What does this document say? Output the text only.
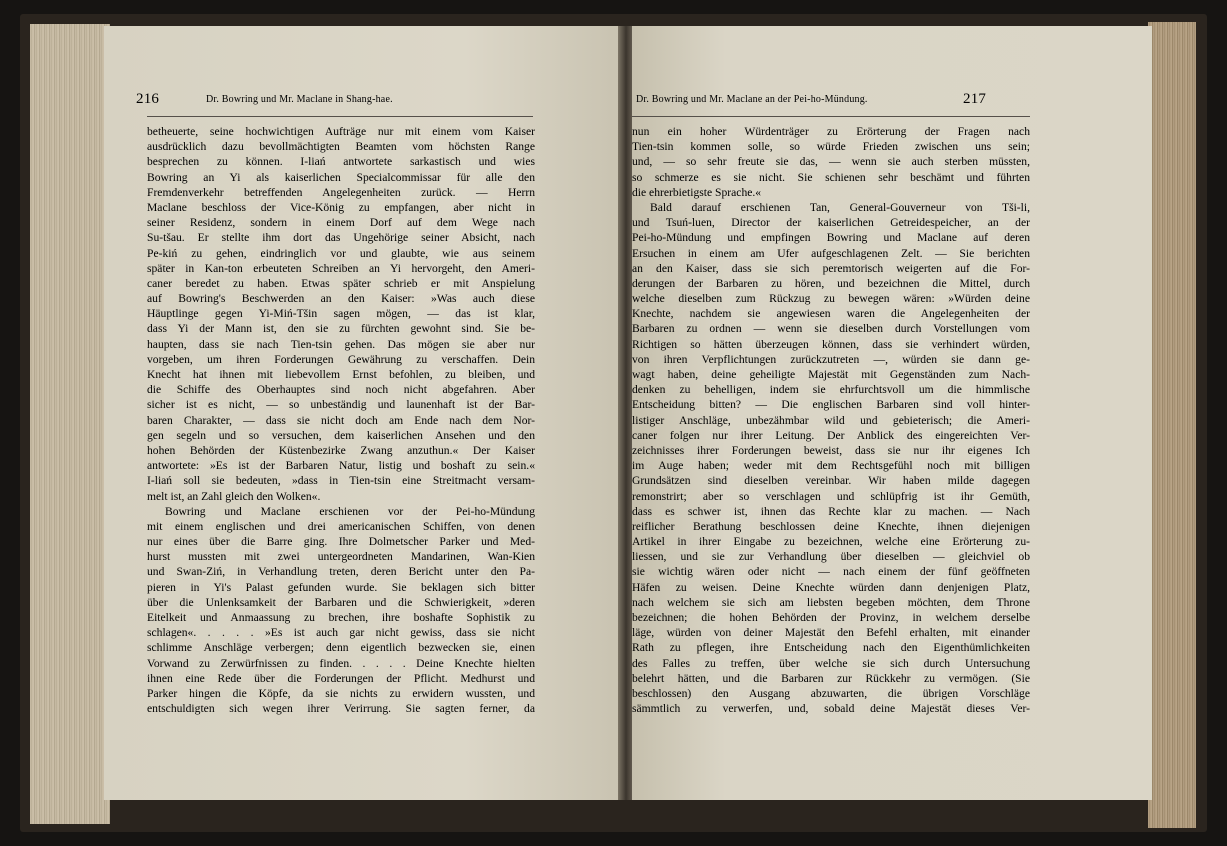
216	Dr. Bowring und Mr. Maclane in Shang-hae.
betheuerte, seine hochwichtigen Aufträge nur mit einem vom Kaiser
ausdrücklich dazu bevollmächtigten Beamten vom höchsten Range
besprechen zu können. I-liań antwortete sarkastisch und wies
Bowring an Yi als kaiserlichen Specialcommissar für alle den
Fremdenverkehr betreffenden Angelegenheiten zurück. — Herrn
Maclane beschloss der Vice-König zu empfangen, aber nicht in
seiner Residenz, sondern in einem Dorf auf dem Wege nach
Su-tšau. Er stellte ihm dort das Ungehörige seiner Absicht, nach
Pe-kiń zu gehen, eindringlich vor und glaubte, wie aus seinem
später in Kan-ton erbeuteten Schreiben an Yi hervorgeht, den Ameri-
caner beredet zu haben. Etwas später schrieb er mit Anspielung
auf Bowring's Beschwerden an den Kaiser: »Was auch diese
Häuptlinge gegen Yi-Miń-Tšin sagen mögen, — das ist klar,
dass Yi der Mann ist, den sie zu fürchten gewohnt sind. Sie be-
haupten, dass sie nach Tien-tsin gehen. Das mögen sie aber nur
vorgeben, um ihren Forderungen Gewährung zu verschaffen. Dein
Knecht hat ihnen mit liebevollem Ernst befohlen, zu bleiben, und
die Schiffe des Oberhauptes sind noch nicht abgefahren. Aber
sicher ist es nicht, — so unbeständig und launenhaft ist der Bar-
baren Charakter, — dass sie nicht doch am Ende nach dem Nor-
gen segeln und so versuchen, dem kaiserlichen Ansehen und den
hohen Behörden der Küstenbezirke Zwang anzuthun.« Der Kaiser
antwortete: »Es ist der Barbaren Natur, listig und boshaft zu sein.«
I-liań soll sie bedeuten, »dass in Tien-tsin eine Streitmacht versam-
melt ist, an Zahl gleich den Wolken«.
Bowring und Maclane erschienen vor der Pei-ho-Mündung
mit einem englischen und drei americanischen Schiffen, von denen
nur eines über die Barre ging. Ihre Dolmetscher Parker und Med-
hurst mussten mit zwei untergeordneten Mandarinen, Wan-Kien
und Swan-Ziń, in Verhandlung treten, deren Bericht unter den Pa-
pieren in Yi's Palast gefunden wurde. Sie beklagen sich bitter
über die Unlenksamkeit der Barbaren und die Schwierigkeit, »deren
Eitelkeit und Anmaassung zu brechen, ihre boshafte Sophistik zu
schlagen«. . . . . »Es ist auch gar nicht gewiss, dass sie nicht
schlimme Anschläge verbergen; denn eigentlich bezwecken sie, einen
Vorwand zu Zerwürfnissen zu finden. . . . . Deine Knechte hielten
ihnen eine Rede über die Forderungen der Pflicht. Medhurst und
Parker hingen die Köpfe, da sie nichts zu erwidern wussten, und
entschuldigten sich wegen ihrer Verirrung. Sie sagten ferner, da
Dr. Bowring und Mr. Maclane an der Pei-ho-Mündung.	217
nun ein hoher Würdenträger zu Erörterung der Fragen nach
Tien-tsin kommen solle, so würde Frieden zwischen uns sein;
und, — so sehr freute sie das, — wenn sie auch sterben müssten,
so schmerze es sie nicht. Sie schienen sehr beschämt und führten
die ehrerbietigste Sprache.«
Bald darauf erschienen Tan, General-Gouverneur von Tši-li,
und Tsuń-luen, Director der kaiserlichen Getreidespeicher, an der
Pei-ho-Mündung und empfingen Bowring und Maclane auf deren
Ersuchen in einem am Ufer aufgeschlagenen Zelt. — Sie berichten
an den Kaiser, dass sie sich peremtorisch weigerten auf die For-
derungen der Barbaren zu hören, und bezeichnen die Mittel, durch
welche dieselben zum Rückzug zu bewegen wären: »Würden deine
Knechte, nachdem sie angewiesen waren die Angelegenheiten der
Barbaren zu ordnen — wenn sie dieselben durch Vorstellungen vom
Richtigen so hätten überzeugen können, dass sie verhindert würden,
von ihren Verpflichtungen zurückzutreten —, würden sie dann ge-
wagt haben, deine geheiligte Majestät mit Gegenständen zum Nach-
denken zu behelligen, indem sie ehrfurchtsvoll um die himmlische
Entscheidung bitten? — Die englischen Barbaren sind voll hinter-
listiger Anschläge, unbezähmbar wild und gebieterisch; die Ameri-
caner folgen nur ihrer Leitung. Der Anblick des eingereichten Ver-
zeichnisses ihrer Forderungen beweist, dass sie nur ihr eigenes Ich
im Auge haben; weder mit dem Rechtsgefühl noch mit billigen
Grundsätzen sind dieselben vereinbar. Wir haben milde dagegen
remonstrirt; aber so verschlagen und schlüpfrig ist ihr Gemüth,
dass es schwer ist, ihnen das Rechte klar zu machen. — Nach
reiflicher Berathung beschlossen deine Knechte, ihnen diejenigen
Artikel in ihrer Eingabe zu bezeichnen, welche eine Erörterung zu-
liessen, und sie zur Verhandlung über dieselben — gleichviel ob
sie wichtig wären oder nicht — nach einem der fünf geöffneten
Häfen zu weisen. Deine Knechte würden dann denjenigen Platz,
nach welchem sie sich am liebsten begeben möchten, dem Throne
bezeichnen; die hohen Behörden der Provinz, in welchem derselbe
läge, würden von deiner Majestät den Befehl erhalten, mit einander
Rath zu pflegen, ihre Entscheidung nach den Eigenthümlichkeiten
des Falles zu treffen, über welche sie sich durch Untersuchung
belehrt hätten, und die Barbaren zur Rückkehr zu vermögen. (Sie
beschlossen) den Ausgang abzuwarten, die übrigen Vorschläge
sämmtlich zu verwerfen, und, sobald deine Majestät dieses Ver-
